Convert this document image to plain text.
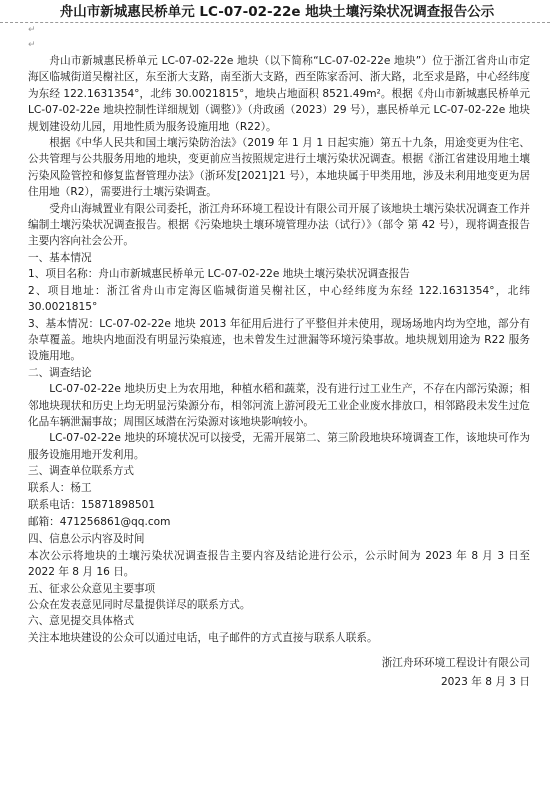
舟山市新城惠民桥单元 LC-07-02-22e 地块土壤污染状况调查报告公示
↵
↵
舟山市新城惠民桥单元 LC-07-02-22e 地块（以下简称“LC-07-02-22e 地块”）位于浙江省舟山市定海区临城街道吴榭社区，东至浙大支路，南至浙大支路，西至陈家岙河、浙大路，北至求是路，中心经纬度为东经 122.1631354°，北纬 30.0021815°，地块占地面积 8521.49m²。根据《舟山市新城惠民桥单元 LC-07-02-22e 地块控制性详细规划（调整）》（舟政函（2023）29 号），惠民桥单元 LC-07-02-22e 地块规划建设幼儿园，用地性质为服务设施用地（R22）。
根据《中华人民共和国土壤污染防治法》（2019 年 1 月 1 日起实施）第五十九条，用途变更为住宅、公共管理与公共服务用地的地块，变更前应当按照规定进行土壤污染状况调查。根据《浙江省建设用地土壤污染风险管控和修复监督管理办法》（浙环发[2021]21 号），本地块属于甲类用地，涉及未利用地变更为居住用地（R2），需要进行土壤污染调查。
受舟山海城置业有限公司委托，浙江舟环环境工程设计有限公司开展了该地块土壤污染状况调查工作并编制土壤污染状况调查报告。根据《污染地块土壤环境管理办法（试行）》（部令 第 42 号），现将调查报告主要内容向社会公开。
一、基本情况
1、项目名称：舟山市新城惠民桥单元 LC-07-02-22e 地块土壤污染状况调查报告
2、项目地址：浙江省舟山市定海区临城街道吴榭社区，中心经纬度为东经 122.1631354°，北纬 30.0021815°
3、基本情况：LC-07-02-22e 地块 2013 年征用后进行了平整但并未使用，现场场地内均为空地，部分有杂草覆盖。地块内地面没有明显污染痕迹，也未曾发生过泄漏等环境污染事故。地块规划用途为 R22 服务设施用地。
二、调查结论
LC-07-02-22e 地块历史上为农用地，种植水稻和蔬菜，没有进行过工业生产，不存在内部污染源；相邻地块现状和历史上均无明显污染源分布，相邻河流上游河段无工业企业废水排放口，相邻路段未发生过危化品车辆泄漏事故；周围区域潜在污染源对该地块影响较小。
LC-07-02-22e 地块的环境状况可以接受，无需开展第二、第三阶段地块环境调查工作，该地块可作为服务设施用地开发利用。
三、调查单位联系方式
联系人：杨工
联系电话：15871898501
邮箱：471256861@qq.com
四、信息公示内容及时间
本次公示将地块的土壤污染状况调查报告主要内容及结论进行公示，公示时间为 2023 年 8 月 3 日至 2022 年 8 月 16 日。
五、征求公众意见主要事项
公众在发表意见同时尽量提供详尽的联系方式。
六、意见提交具体格式
关注本地块建设的公众可以通过电话，电子邮件的方式直接与联系人联系。
浙江舟环环境工程设计有限公司
2023 年 8 月 3 日
